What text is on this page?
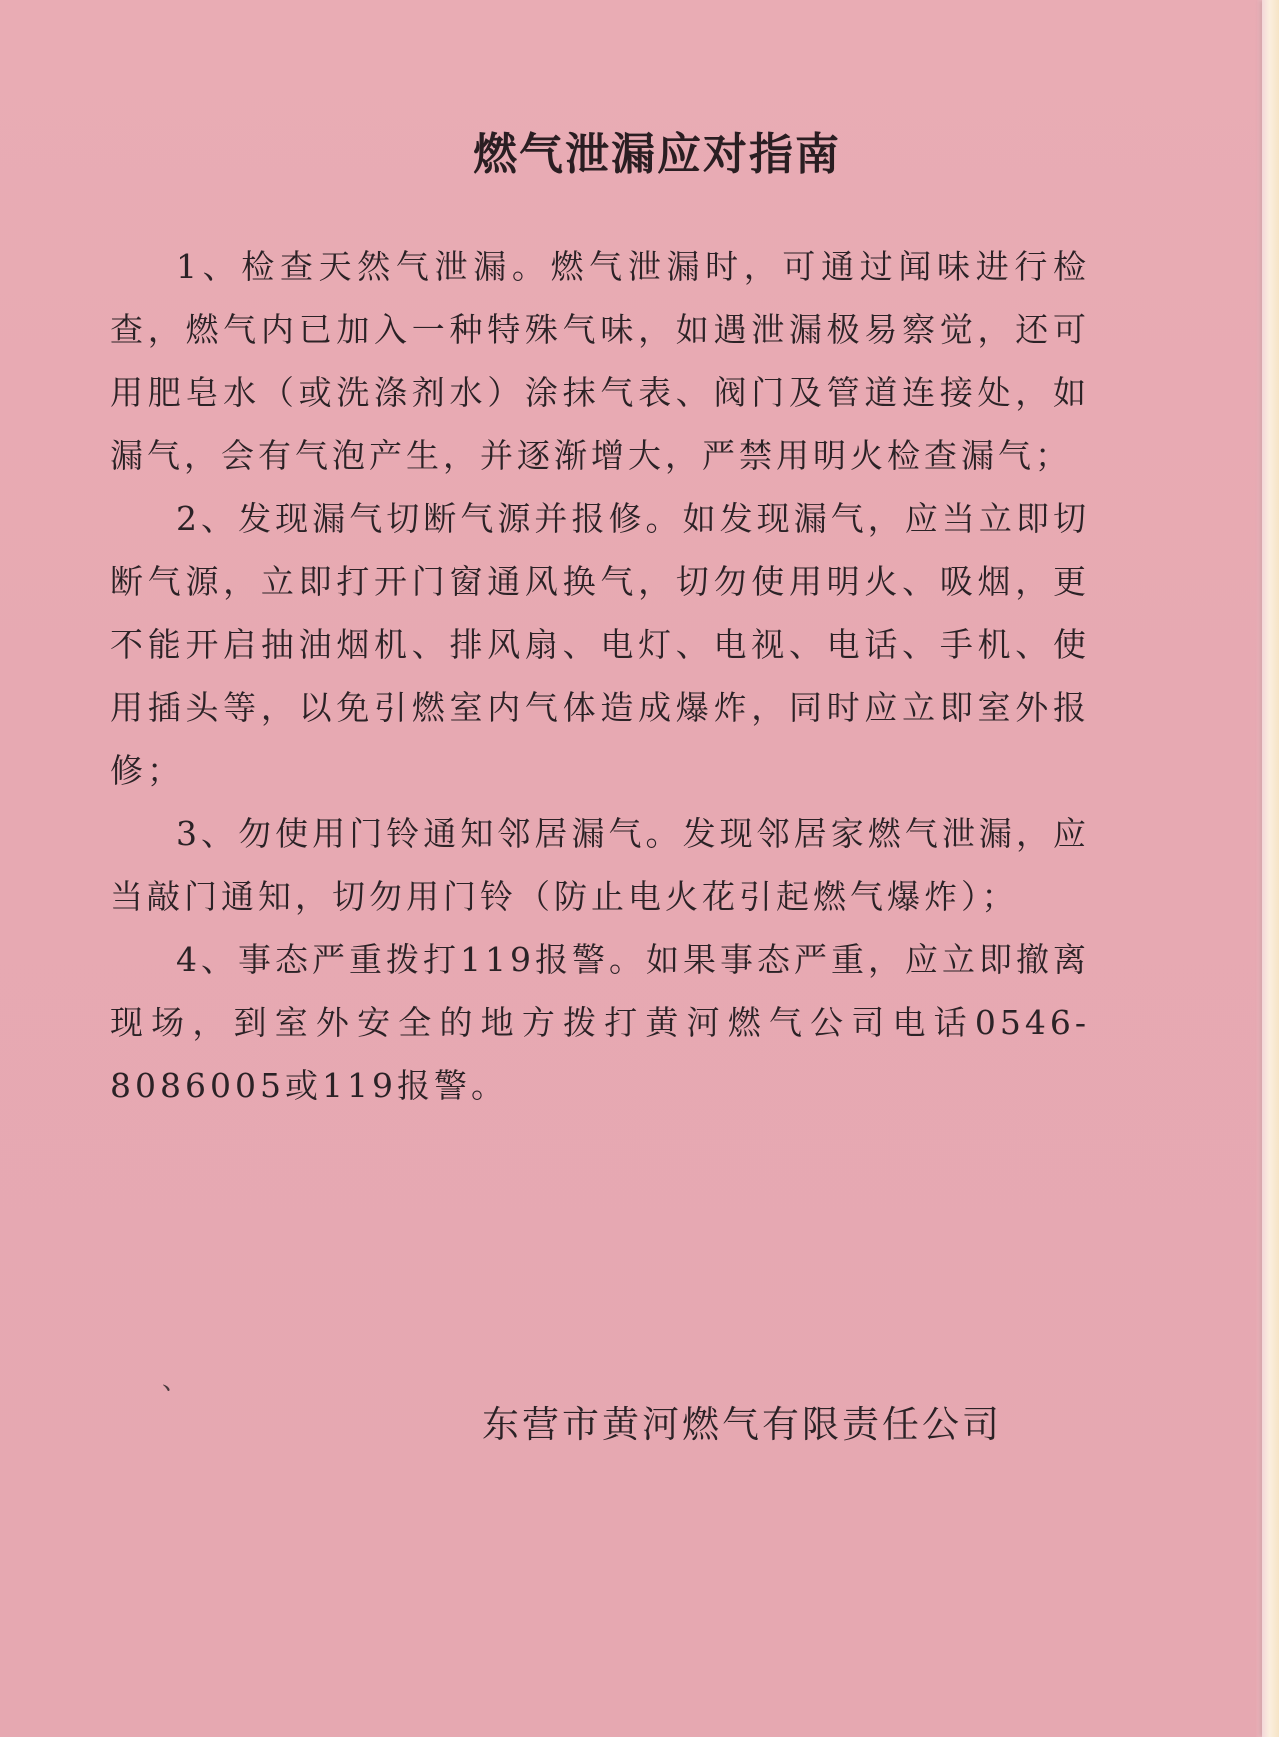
燃气泄漏应对指南

1、检查天然气泄漏。燃气泄漏时，可通过闻味进行检查，燃气内已加入一种特殊气味，如遇泄漏极易察觉，还可用肥皂水（或洗涤剂水）涂抹气表、阀门及管道连接处，如漏气，会有气泡产生，并逐渐增大，严禁用明火检查漏气；

2、发现漏气切断气源并报修。如发现漏气，应当立即切断气源，立即打开门窗通风换气，切勿使用明火、吸烟，更不能开启抽油烟机、排风扇、电灯、电视、电话、手机、使用插头等，以免引燃室内气体造成爆炸，同时应立即室外报修；

3、勿使用门铃通知邻居漏气。发现邻居家燃气泄漏，应当敲门通知，切勿用门铃（防止电火花引起燃气爆炸）；

4、事态严重拨打119报警。如果事态严重，应立即撤离现场，到室外安全的地方拨打黄河燃气公司电话0546-8086005或119报警。

、
东营市黄河燃气有限责任公司
